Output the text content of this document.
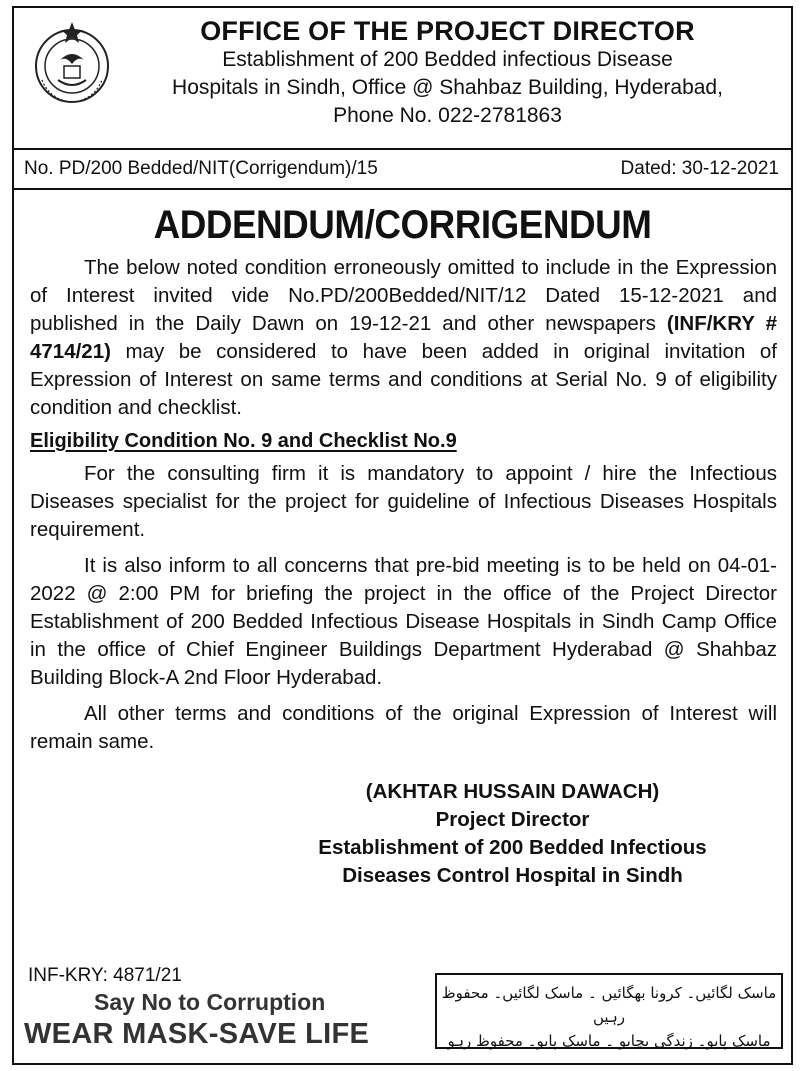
OFFICE OF THE PROJECT DIRECTOR
Establishment of 200 Bedded infectious Disease
Hospitals in Sindh, Office @ Shahbaz Building, Hyderabad,
Phone No. 022-2781863
No. PD/200 Bedded/NIT(Corrigendum)/15	Dated: 30-12-2021
ADDENDUM/CORRIGENDUM

The below noted condition erroneously omitted to include in the Expression of Interest invited vide No.PD/200Bedded/NIT/12 Dated 15-12-2021 and published in the Daily Dawn on 19-12-21 and other newspapers (INF/KRY # 4714/21) may be considered to have been added in original invitation of Expression of Interest on same terms and conditions at Serial No. 9 of eligibility condition and checklist.

Eligibility Condition No. 9 and Checklist No.9

For the consulting firm it is mandatory to appoint / hire the Infectious Diseases specialist for the project for guideline of Infectious Diseases Hospitals requirement.

It is also inform to all concerns that pre-bid meeting is to be held on 04-01-2022 @ 2:00 PM for briefing the project in the office of the Project Director Establishment of 200 Bedded Infectious Disease Hospitals in Sindh Camp Office in the office of Chief Engineer Buildings Department Hyderabad @ Shahbaz Building Block-A 2nd Floor Hyderabad.

All other terms and conditions of the original Expression of Interest will remain same.

(AKHTAR HUSSAIN DAWACH)
Project Director
Establishment of 200 Bedded Infectious
Diseases Control Hospital in Sindh
INF-KRY: 4871/21
Say No to Corruption
WEAR MASK-SAVE LIFE
ماسک لگائیں۔ کرونا بھگائیں ۔ ماسک لگائیں۔ محفوظ رہیں
ماسک پابو۔ زندگی بچابو ۔ ماسک پابو۔ محفوظ رہو
